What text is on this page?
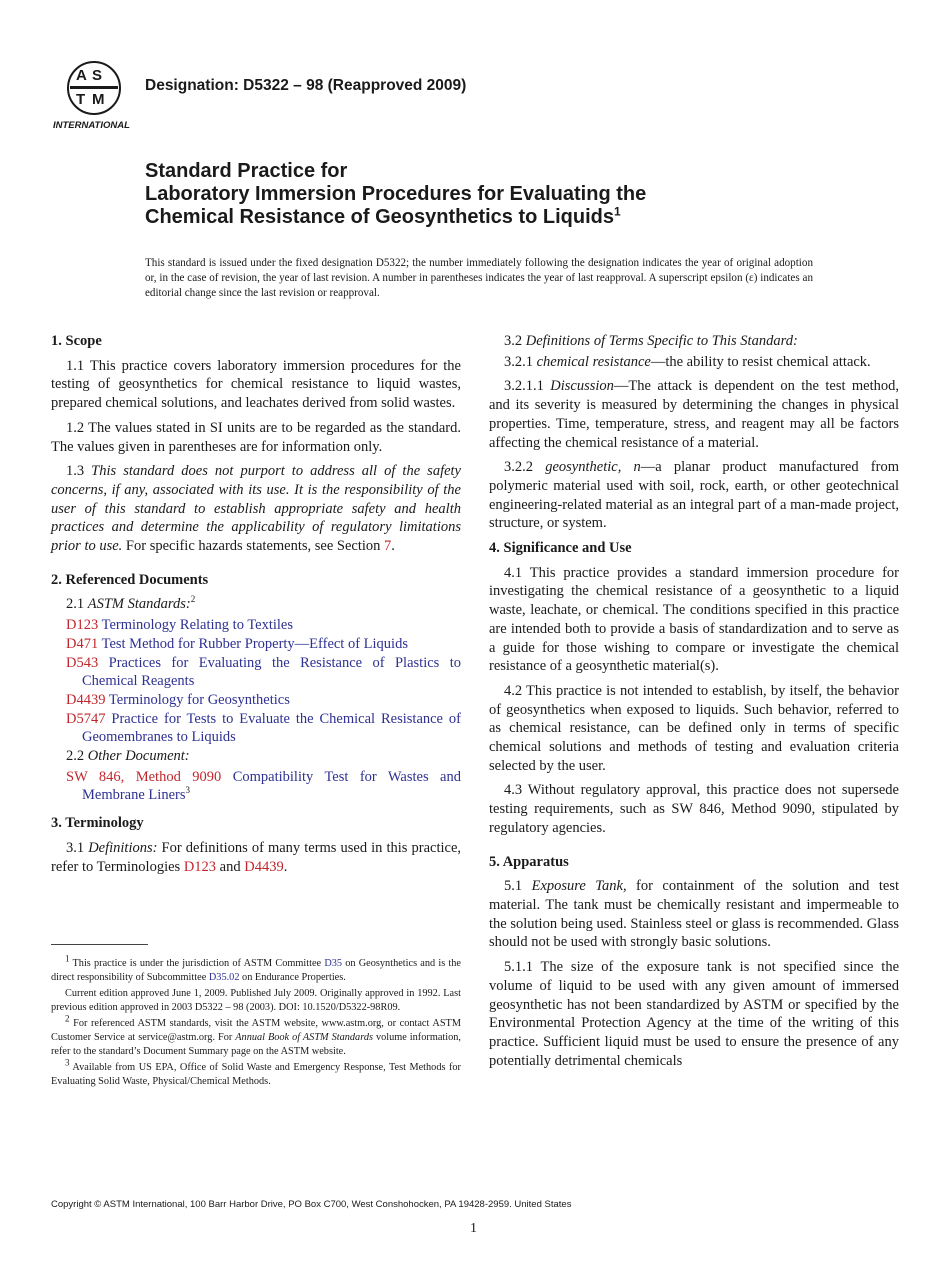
A S
T M
INTERNATIONAL
Designation: D5322 – 98 (Reapproved 2009)
Standard Practice for
Laboratory Immersion Procedures for Evaluating the
Chemical Resistance of Geosynthetics to Liquids$^1$
This standard is issued under the fixed designation D5322; the number immediately following the designation indicates the year of original adoption or, in the case of revision, the year of last revision. A number in parentheses indicates the year of last reapproval. A superscript epsilon (ε) indicates an editorial change since the last revision or reapproval.
1. Scope

1.1 This practice covers laboratory immersion procedures for the testing of geosynthetics for chemical resistance to liquid wastes, prepared chemical solutions, and leachates derived from solid wastes.

1.2 The values stated in SI units are to be regarded as the standard. The values given in parentheses are for information only.

1.3 This standard does not purport to address all of the safety concerns, if any, associated with its use. It is the responsibility of the user of this standard to establish appropriate safety and health practices and determine the applicability of regulatory limitations prior to use. For specific hazards statements, see Section 7.

2. Referenced Documents

2.1 ASTM Standards:$^2$

D123 Terminology Relating to Textiles

D471 Test Method for Rubber Property—Effect of Liquids

D543 Practices for Evaluating the Resistance of Plastics to Chemical Reagents

D4439 Terminology for Geosynthetics

D5747 Practice for Tests to Evaluate the Chemical Resistance of Geomembranes to Liquids

2.2 Other Document:

SW 846, Method 9090 Compatibility Test for Wastes and Membrane Liners$^3$

3. Terminology

3.1 Definitions: For definitions of many terms used in this practice, refer to Terminologies D123 and D4439.

$^1$ This practice is under the jurisdiction of ASTM Committee D35 on Geosynthetics and is the direct responsibility of Subcommittee D35.02 on Endurance Properties.

Current edition approved June 1, 2009. Published July 2009. Originally approved in 1992. Last previous edition approved in 2003 D5322 – 98 (2003). DOI: 10.1520/D5322-98R09.

$^2$ For referenced ASTM standards, visit the ASTM website, www.astm.org, or contact ASTM Customer Service at service@astm.org. For Annual Book of ASTM Standards volume information, refer to the standard’s Document Summary page on the ASTM website.

$^3$ Available from US EPA, Office of Solid Waste and Emergency Response, Test Methods for Evaluating Solid Waste, Physical/Chemical Methods.

3.2 Definitions of Terms Specific to This Standard:

3.2.1 chemical resistance—the ability to resist chemical attack.

3.2.1.1 Discussion—The attack is dependent on the test method, and its severity is measured by determining the changes in physical properties. Time, temperature, stress, and reagent may all be factors affecting the chemical resistance of a material.

3.2.2 geosynthetic, n—a planar product manufactured from polymeric material used with soil, rock, earth, or other geotechnical engineering-related material as an integral part of a man-made project, structure, or system.

4. Significance and Use

4.1 This practice provides a standard immersion procedure for investigating the chemical resistance of a geosynthetic to a liquid waste, leachate, or chemical. The conditions specified in this practice are intended both to provide a basis of standardization and to serve as a guide for those wishing to compare or investigate the chemical resistance of a geosynthetic material(s).

4.2 This practice is not intended to establish, by itself, the behavior of geosynthetics when exposed to liquids. Such behavior, referred to as chemical resistance, can be defined only in terms of specific chemical solutions and methods of testing and evaluation criteria selected by the user.

4.3 Without regulatory approval, this practice does not supersede testing requirements, such as SW 846, Method 9090, stipulated by regulatory agencies.

5. Apparatus

5.1 Exposure Tank, for containment of the solution and test material. The tank must be chemically resistant and impermeable to the solution being used. Stainless steel or glass is recommended. Glass should not be used with strongly basic solutions.

5.1.1 The size of the exposure tank is not specified since the volume of liquid to be used with any given amount of immersed geosynthetic has not been standardized by ASTM or specified by the Environmental Protection Agency at the time of the writing of this practice. Sufficient liquid must be used to ensure the presence of any potentially detrimental chemicals

Copyright © ASTM International, 100 Barr Harbor Drive, PO Box C700, West Conshohocken, PA 19428-2959. United States
1
